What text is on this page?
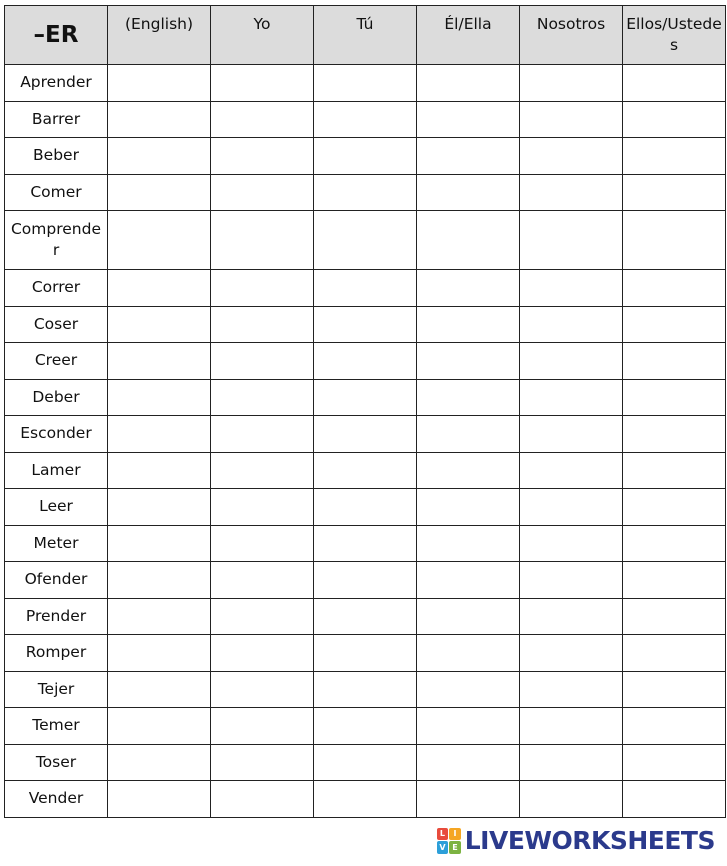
–ER	(English)	Yo	Tú	Él/Ella	Nosotros	Ellos/Ustedes
Aprender						
Barrer						
Beber						
Comer						
Comprender						
Correr						
Coser						
Creer						
Deber						
Esconder						
Lamer						
Leer						
Meter						
Ofender						
Prender						
Romper						
Tejer						
Temer						
Toser						
Vender						
L	I
V E LIVEWORKSHEETS
